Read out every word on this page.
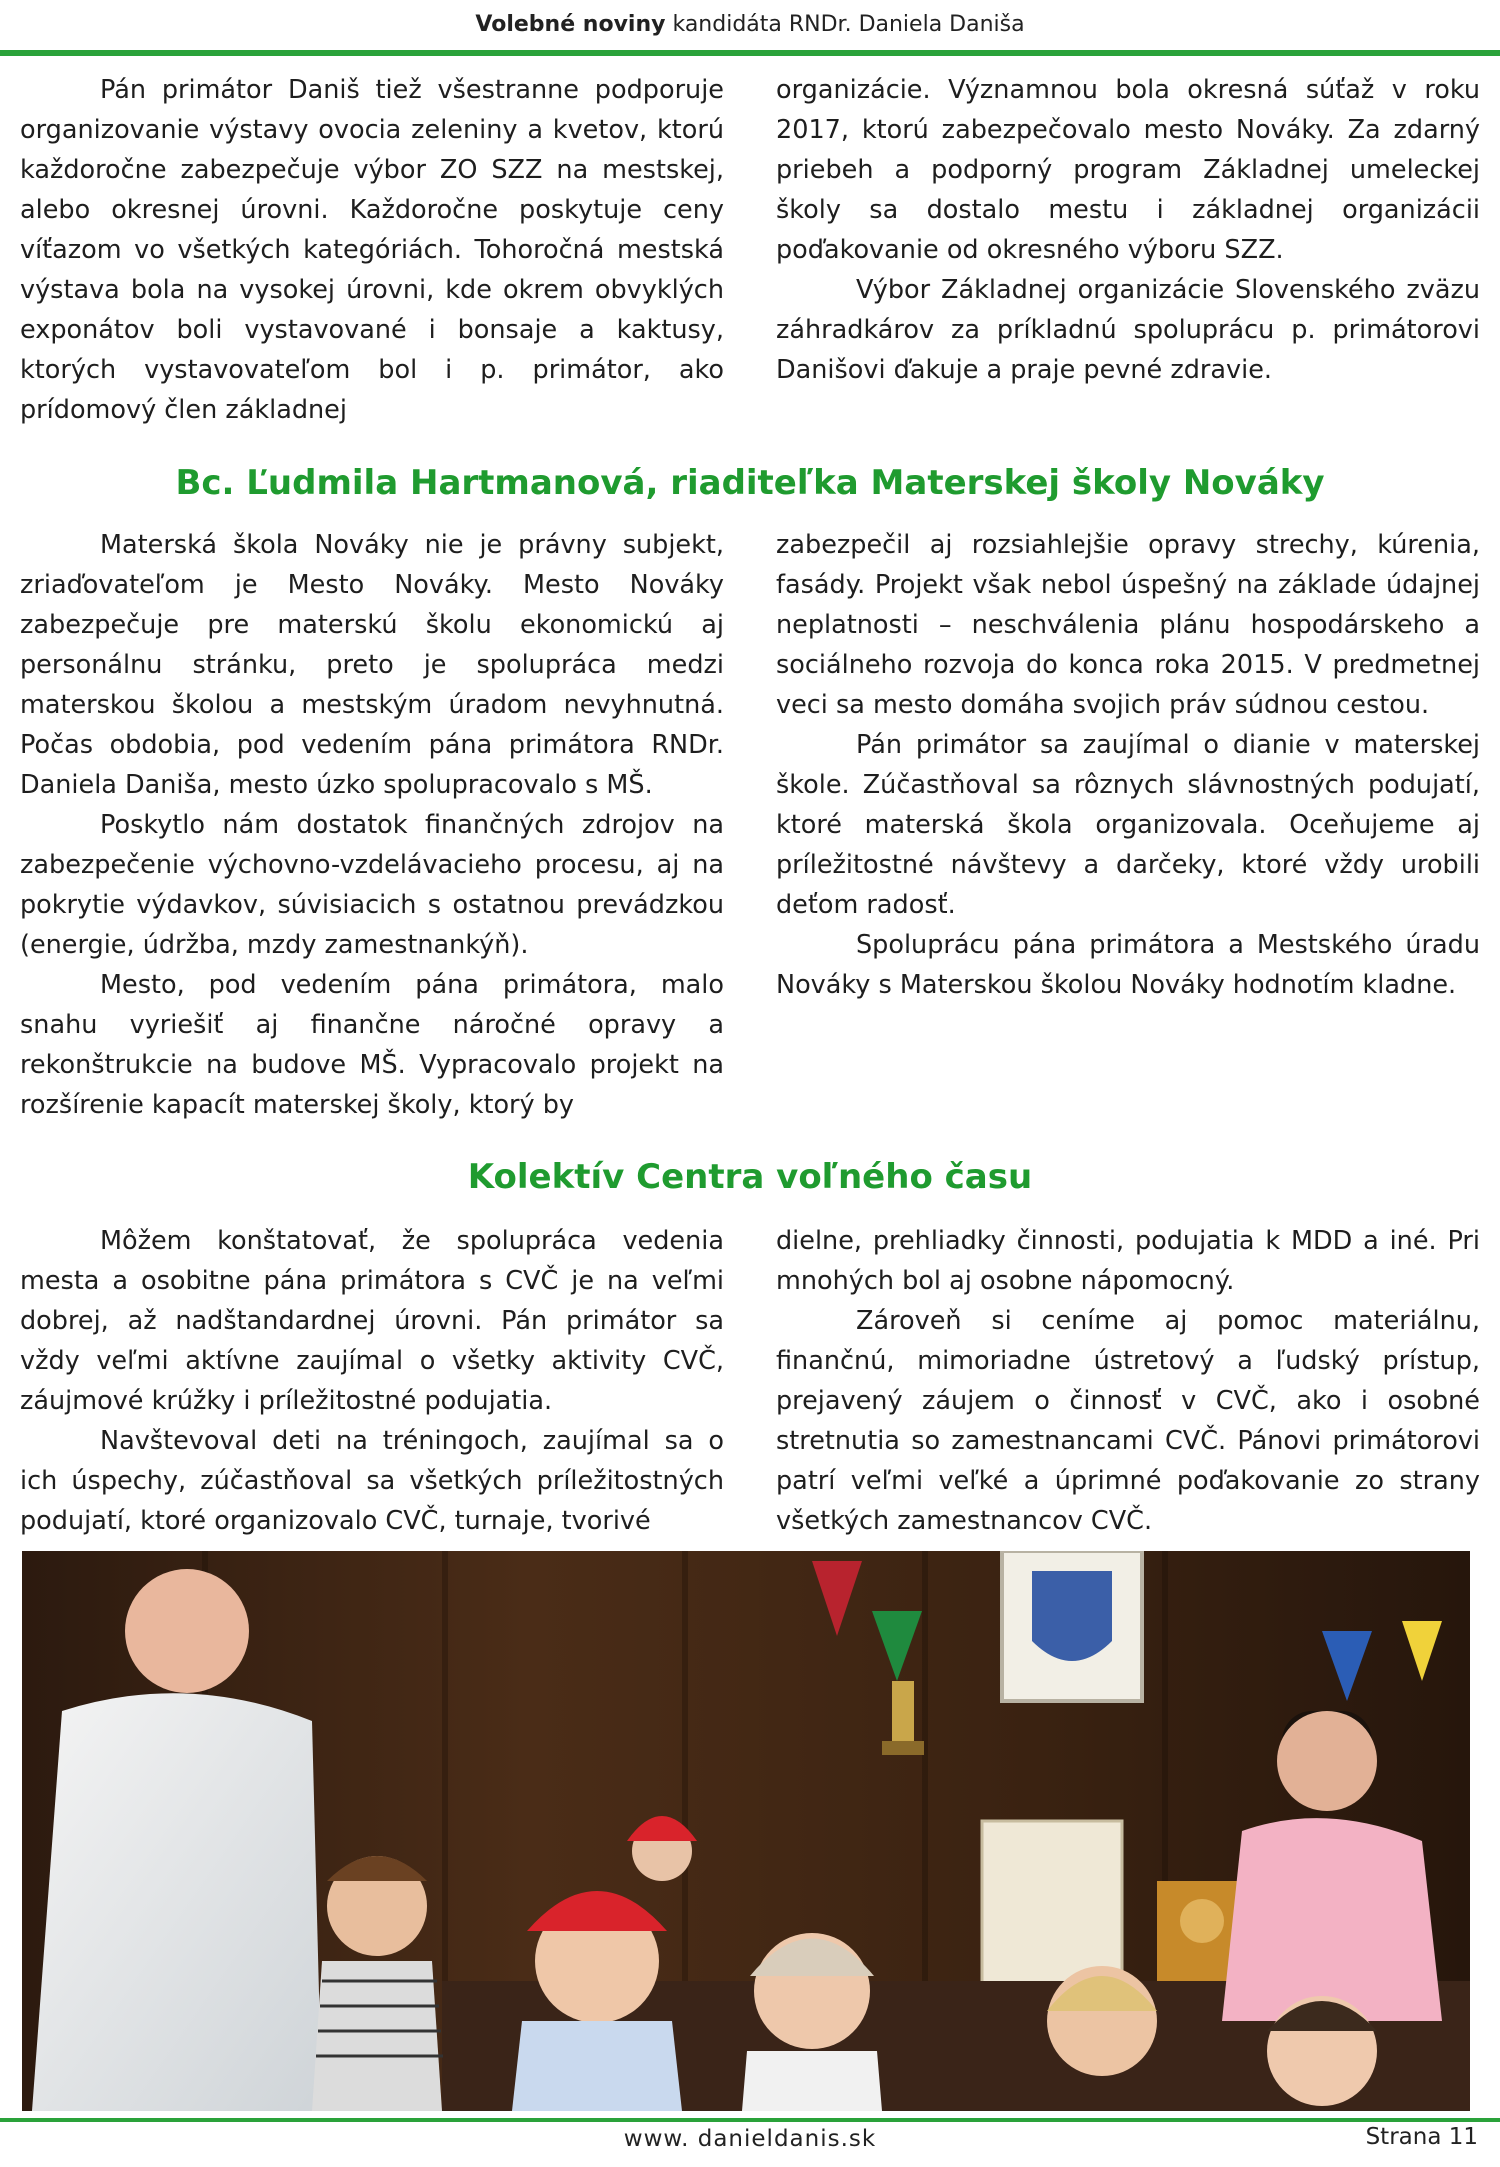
Volebné noviny kandidáta RNDr. Daniela Daniša

Pán primátor Daniš tiež všestranne podporuje organizovanie výstavy ovocia zeleniny a kvetov, ktorú každoročne zabezpečuje výbor ZO SZZ na mestskej, alebo okresnej úrovni. Každoročne poskytuje ceny víťazom vo všetkých kategóriách. Tohoročná mestská výstava bola na vysokej úrovni, kde okrem obvyklých exponátov boli vystavované i bonsaje a kaktusy, ktorých vystavovateľom bol i p. primátor, ako prídomový člen základnej

organizácie. Významnou bola okresná súťaž v roku 2017, ktorú zabezpečovalo mesto Nováky. Za zdarný priebeh a podporný program Základnej umeleckej školy sa dostalo mestu i základnej organizácii poďakovanie od okresného výboru SZZ.

Výbor Základnej organizácie Slovenského zväzu záhradkárov za príkladnú spoluprácu p. primátorovi Danišovi ďakuje a praje pevné zdravie.

Bc. Ľudmila Hartmanová, riaditeľka Materskej školy Nováky

Materská škola Nováky nie je právny subjekt, zriaďovateľom je Mesto Nováky. Mesto Nováky zabezpečuje pre materskú školu ekonomickú aj personálnu stránku, preto je spolupráca medzi materskou školou a mestským úradom nevyhnutná. Počas obdobia, pod vedením pána primátora RNDr. Daniela Daniša, mesto úzko spolupracovalo s MŠ.

Poskytlo nám dostatok finančných zdrojov na zabezpečenie výchovno-vzdelávacieho procesu, aj na pokrytie výdavkov, súvisiacich s ostatnou prevádzkou (energie, údržba, mzdy zamestnankýň).

Mesto, pod vedením pána primátora, malo snahu vyriešiť aj finančne náročné opravy a rekonštrukcie na budove MŠ. Vypracovalo projekt na rozšírenie kapacít materskej školy, ktorý by

zabezpečil aj rozsiahlejšie opravy strechy, kúrenia, fasády. Projekt však nebol úspešný na základe údajnej neplatnosti – neschválenia plánu hospodárskeho a sociálneho rozvoja do konca roka 2015. V predmetnej veci sa mesto domáha svojich práv súdnou cestou.

Pán primátor sa zaujímal o dianie v materskej škole. Zúčastňoval sa rôznych slávnostných podujatí, ktoré materská škola organizovala. Oceňujeme aj príležitostné návštevy a darčeky, ktoré vždy urobili deťom radosť.

Spoluprácu pána primátora a Mestského úradu Nováky s Materskou školou Nováky hodnotím kladne.

Kolektív Centra voľného času

Môžem konštatovať, že spolupráca vedenia mesta a osobitne pána primátora s CVČ je na veľmi dobrej, až nadštandardnej úrovni. Pán primátor sa vždy veľmi aktívne zaujímal o všetky aktivity CVČ, záujmové krúžky i príležitostné podujatia.

Navštevoval deti na tréningoch, zaujímal sa o ich úspechy, zúčastňoval sa všetkých príležitostných podujatí, ktoré organizovalo CVČ, turnaje, tvorivé

dielne, prehliadky činnosti, podujatia k MDD a iné. Pri mnohých bol aj osobne nápomocný.

Zároveň si ceníme aj pomoc materiálnu, finančnú, mimoriadne ústretový a ľudský prístup, prejavený záujem o činnosť v CVČ, ako i osobné stretnutia so zamestnancami CVČ. Pánovi primátorovi patrí veľmi veľké a úprimné poďakovanie zo strany všetkých zamestnancov CVČ.

www. danieldanis.sk	Strana 11
